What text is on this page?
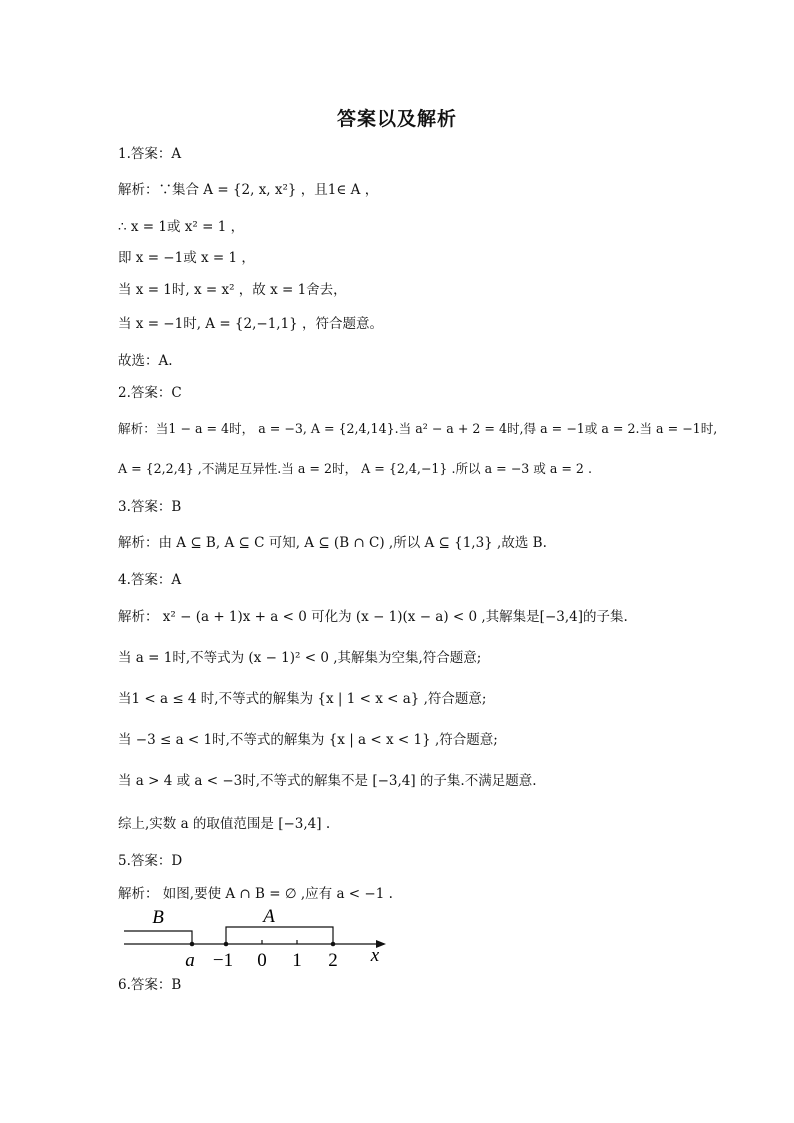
答案以及解析
1.答案：A
解析：∵集合 A = {2, x, x²} ，且1∈ A ，
∴ x = 1或 x² = 1 ，
即 x = −1或 x = 1 ，
当 x = 1时, x = x² ，故 x = 1舍去，
当 x = −1时, A = {2,−1,1} ，符合题意。
故选：A.
2.答案：C
解析：当1 − a = 4时， a = −3, A = {2,4,14}.当 a² − a + 2 = 4时,得 a = −1或 a = 2.当 a = −1时,
A = {2,2,4} ,不满足互异性.当 a = 2时， A = {2,4,−1} .所以 a = −3 或 a = 2 .
3.答案：B
解析：由 A ⊆ B, A ⊆ C 可知, A ⊆ (B ∩ C) ,所以 A ⊆ {1,3} ,故选 B.
4.答案：A
解析： x² − (a + 1)x + a < 0 可化为 (x − 1)(x − a) < 0 ,其解集是[−3,4]的子集.
当 a = 1时,不等式为 (x − 1)² < 0 ,其解集为空集,符合题意;
当1 < a ≤ 4 时,不等式的解集为 {x | 1 < x < a} ,符合题意;
当 −3 ≤ a < 1时,不等式的解集为 {x | a < x < 1} ,符合题意;
当 a > 4 或 a < −3时,不等式的解集不是 [−3,4] 的子集.不满足题意.
综上,实数 a 的取值范围是 [−3,4] .
5.答案：D
解析： 如图,要使 A ∩ B = ∅ ,应有 a < −1 .
B	A
a −1 0 1 2 x
6.答案：B
